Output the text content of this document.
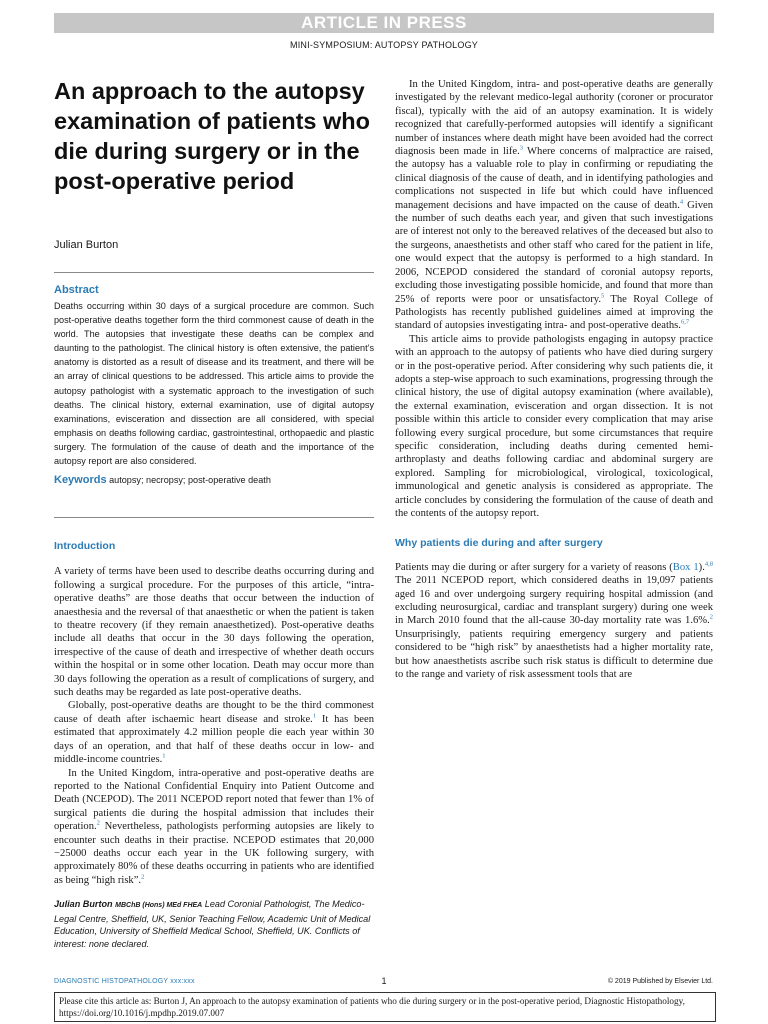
ARTICLE IN PRESS
MINI-SYMPOSIUM: AUTOPSY PATHOLOGY
An approach to the autopsy examination of patients who die during surgery or in the post-operative period
Julian Burton
Abstract

Deaths occurring within 30 days of a surgical procedure are common. Such post-operative deaths together form the third commonest cause of death in the world. The autopsies that investigate these deaths can be complex and daunting to the pathologist. The clinical history is often extensive, the patient’s anatomy is distorted as a result of disease and its treatment, and there will be an array of clinical questions to be addressed. This article aims to provide the autopsy pathologist with a systematic approach to the investigation of such deaths. The clinical history, external examination, use of digital autopsy examinations, evisceration and dissection are all considered, with special emphasis on deaths following cardiac, gastrointestinal, orthopaedic and plastic surgery. The formulation of the cause of death and the importance of the autopsy report are also considered.

Keywords autopsy; necropsy; post-operative death

Introduction

A variety of terms have been used to describe deaths occurring during and following a surgical procedure. For the purposes of this article, “intra-operative deaths” are those deaths that occur between the induction of anaesthesia and the reversal of that anaesthetic or when the patient is taken to theatre recovery (if they remain anaesthetized). Post-operative deaths include all deaths that occur in the 30 days following the operation, irrespective of the cause of death and irrespective of whether death occurs within the hospital or in some other location. Death may occur more than 30 days following the operation as a result of complications of surgery, and such deaths may be regarded as late post-operative deaths.

Globally, post-operative deaths are thought to be the third commonest cause of death after ischaemic heart disease and stroke.$^1$ It has been estimated that approximately 4.2 million people die each year within 30 days of an operation, and that half of these deaths occur in low- and middle-income countries.$^1$

In the United Kingdom, intra-operative and post-operative deaths are reported to the National Confidential Enquiry into Patient Outcome and Death (NCEPOD). The 2011 NCEPOD report noted that fewer than 1% of surgical patients die during the hospital admission that includes their operation.$^2$ Nevertheless, pathologists performing autopsies are likely to encounter such deaths in their practise. NCEPOD estimates that 20,000 −25000 deaths occur each year in the UK following surgery, with approximately 80% of these deaths occurring in patients who are identified as being “high risk”.$^2$

Julian Burton MBChB (Hons) MEd FHEA Lead Coronial Pathologist, The Medico-Legal Centre, Sheffield, UK, Senior Teaching Fellow, Academic Unit of Medical Education, University of Sheffield Medical School, Sheffield, UK. Conflicts of interest: none declared.

In the United Kingdom, intra- and post-operative deaths are generally investigated by the relevant medico-legal authority (coroner or procurator fiscal), typically with the aid of an autopsy examination. It is widely recognized that carefully-performed autopsies will identify a significant number of instances where death might have been avoided had the correct diagnosis been made in life.$^3$ Where concerns of malpractice are raised, the autopsy has a valuable role to play in confirming or repudiating the clinical diagnosis of the cause of death, and in identifying pathologies and complications not suspected in life but which could have influenced management decisions and have impacted on the cause of death.$^4$ Given the number of such deaths each year, and given that such investigations are of interest not only to the bereaved relatives of the deceased but also to the surgeons, anaesthetists and other staff who cared for the patient in life, one would expect that the autopsy is performed to a high standard. In 2006, NCEPOD considered the standard of coronial autopsy reports, excluding those investigating possible homicide, and found that more than 25% of reports were poor or unsatisfactory.$^5$ The Royal College of Pathologists has recently published guidelines aimed at improving the standard of autopsies investigating intra- and post-operative deaths.$^{6,7}$

This article aims to provide pathologists engaging in autopsy practice with an approach to the autopsy of patients who have died during surgery or in the post-operative period. After considering why such patients die, it adopts a step-wise approach to such examinations, progressing through the clinical history, the use of digital autopsy examination (where available), the external examination, evisceration and organ dissection. It is not possible within this article to consider every complication that may arise following every surgical procedure, but some circumstances that require specific consideration, including deaths during cemented hemi-arthroplasty and deaths following cardiac and abdominal surgery are explored. Sampling for microbiological, virological, toxicological, immunological and genetic analysis is considered as appropriate. The article concludes by considering the formulation of the cause of death and the contents of the autopsy report.

Why patients die during and after surgery

Patients may die during or after surgery for a variety of reasons (Box 1).$^{4,8}$ The 2011 NCEPOD report, which considered deaths in 19,097 patients aged 16 and over undergoing surgery requiring hospital admission (and excluding neurosurgical, cardiac and transplant surgery) during one week in March 2010 found that the all-cause 30-day mortality rate was 1.6%.$^2$ Unsurprisingly, patients requiring emergency surgery and patients considered to be “high risk” by anaesthetists had a higher mortality rate, but how anaesthetists ascribe such risk status is difficult to determine due to the range and variety of risk assessment tools that are

DIAGNOSTIC HISTOPATHOLOGY xxx:xxx	1	© 2019 Published by Elsevier Ltd.
Please cite this article as: Burton J, An approach to the autopsy examination of patients who die during surgery or in the post-operative period, Diagnostic Histopathology, https://doi.org/10.1016/j.mpdhp.2019.07.007
